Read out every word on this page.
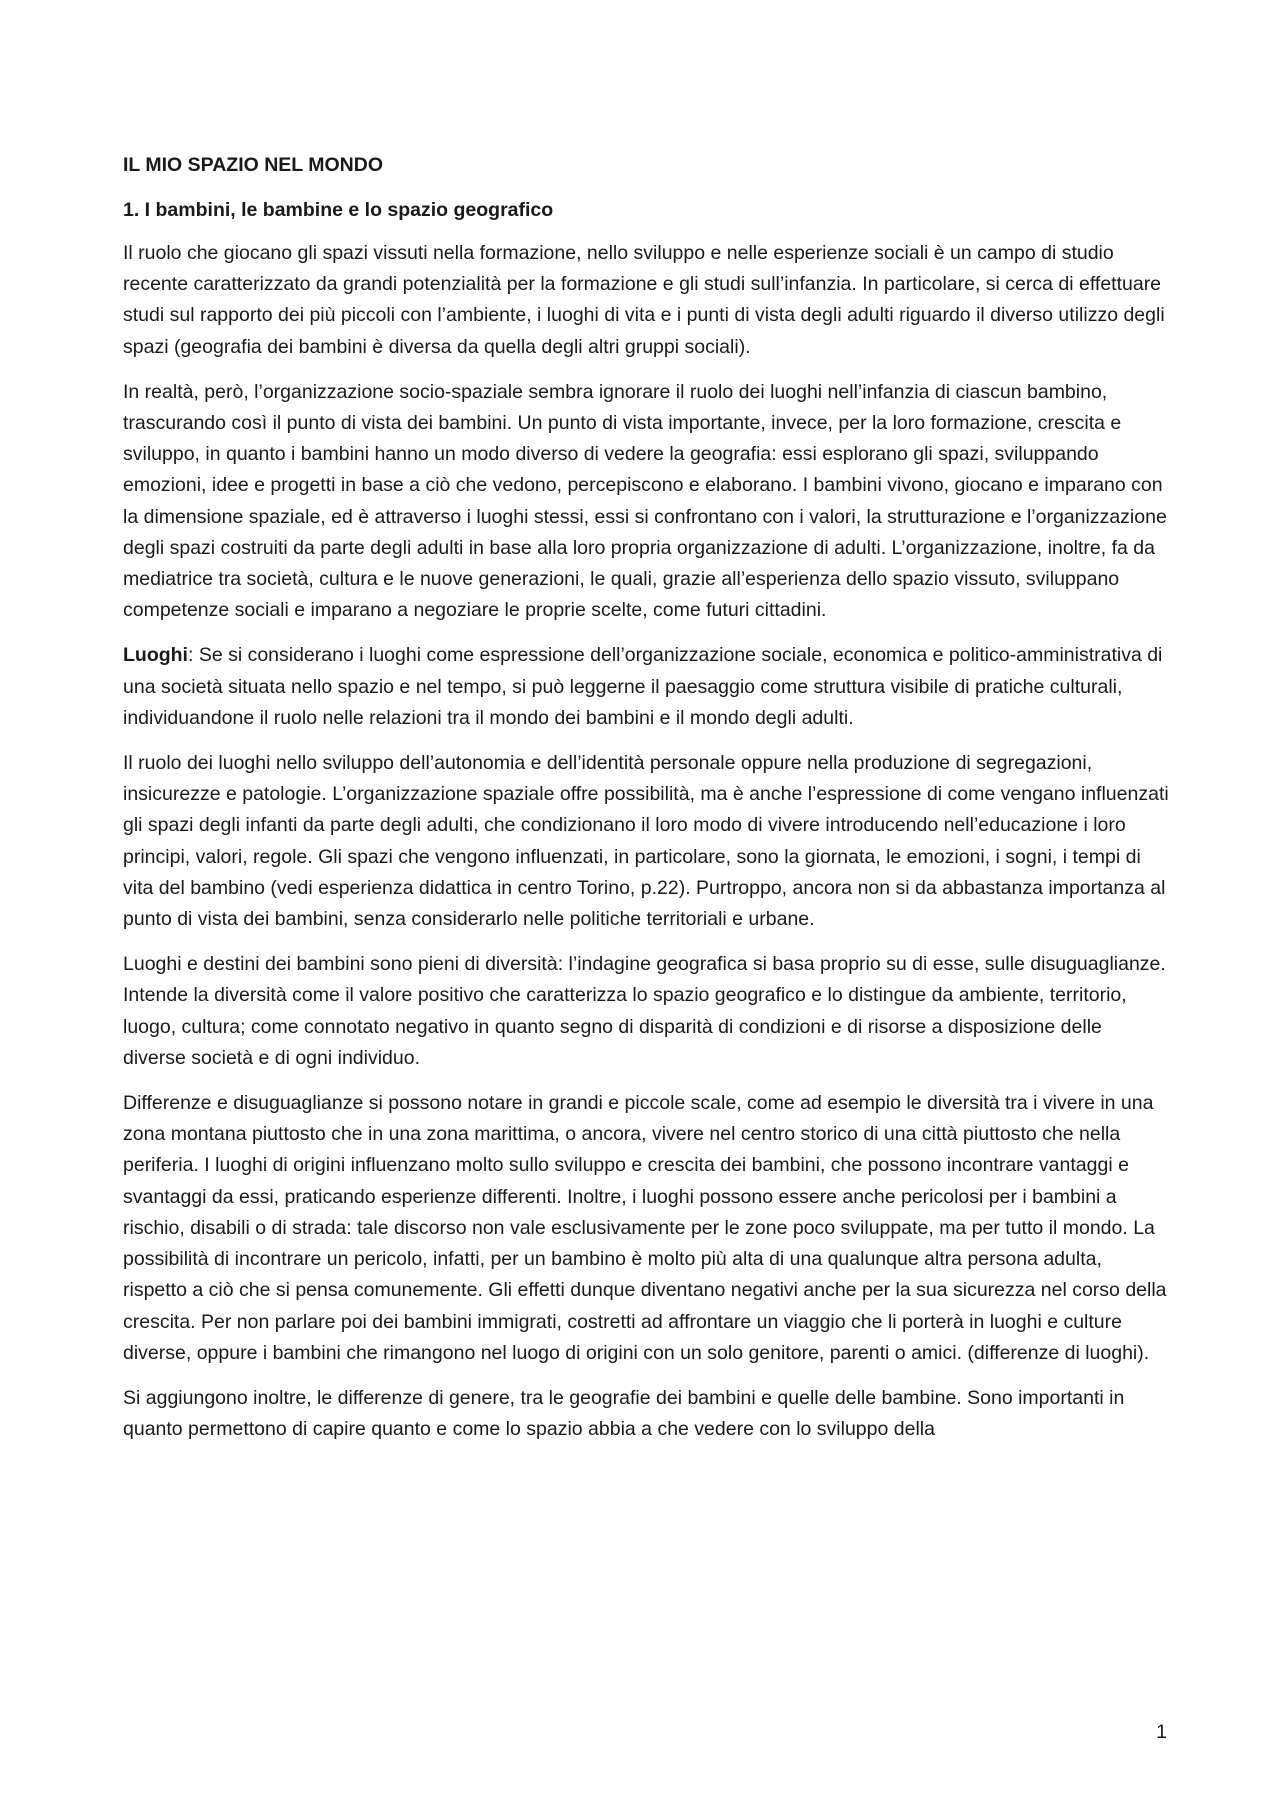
IL MIO SPAZIO NEL MONDO
1. I bambini, le bambine e lo spazio geografico

Il ruolo che giocano gli spazi vissuti nella formazione, nello sviluppo e nelle esperienze sociali è un campo di studio recente caratterizzato da grandi potenzialità per la formazione e gli studi sull’infanzia. In particolare, si cerca di effettuare studi sul rapporto dei più piccoli con l’ambiente, i luoghi di vita e i punti di vista degli adulti riguardo il diverso utilizzo degli spazi (geografia dei bambini è diversa da quella degli altri gruppi sociali).

In realtà, però, l’organizzazione socio-spaziale sembra ignorare il ruolo dei luoghi nell’infanzia di ciascun bambino, trascurando così il punto di vista dei bambini. Un punto di vista importante, invece, per la loro formazione, crescita e sviluppo, in quanto i bambini hanno un modo diverso di vedere la geografia: essi esplorano gli spazi, sviluppando emozioni, idee e progetti in base a ciò che vedono, percepiscono e elaborano. I bambini vivono, giocano e imparano con la dimensione spaziale, ed è attraverso i luoghi stessi, essi si confrontano con i valori, la strutturazione e l’organizzazione degli spazi costruiti da parte degli adulti in base alla loro propria organizzazione di adulti. L’organizzazione, inoltre, fa da mediatrice tra società, cultura e le nuove generazioni, le quali, grazie all’esperienza dello spazio vissuto, sviluppano competenze sociali e imparano a negoziare le proprie scelte, come futuri cittadini.

Luoghi: Se si considerano i luoghi come espressione dell’organizzazione sociale, economica e politico-amministrativa di una società situata nello spazio e nel tempo, si può leggerne il paesaggio come struttura visibile di pratiche culturali, individuandone il ruolo nelle relazioni tra il mondo dei bambini e il mondo degli adulti.

Il ruolo dei luoghi nello sviluppo dell’autonomia e dell’identità personale oppure nella produzione di segregazioni, insicurezze e patologie. L’organizzazione spaziale offre possibilità, ma è anche l’espressione di come vengano influenzati gli spazi degli infanti da parte degli adulti, che condizionano il loro modo di vivere introducendo nell’educazione i loro principi, valori, regole. Gli spazi che vengono influenzati, in particolare, sono la giornata, le emozioni, i sogni, i tempi di vita del bambino (vedi esperienza didattica in centro Torino, p.22). Purtroppo, ancora non si da abbastanza importanza al punto di vista dei bambini, senza considerarlo nelle politiche territoriali e urbane.

Luoghi e destini dei bambini sono pieni di diversità: l’indagine geografica si basa proprio su di esse, sulle disuguaglianze. Intende la diversità come il valore positivo che caratterizza lo spazio geografico e lo distingue da ambiente, territorio, luogo, cultura; come connotato negativo in quanto segno di disparità di condizioni e di risorse a disposizione delle diverse società e di ogni individuo.

Differenze e disuguaglianze si possono notare in grandi e piccole scale, come ad esempio le diversità tra i vivere in una zona montana piuttosto che in una zona marittima, o ancora, vivere nel centro storico di una città piuttosto che nella periferia. I luoghi di origini influenzano molto sullo sviluppo e crescita dei bambini, che possono incontrare vantaggi e svantaggi da essi, praticando esperienze differenti. Inoltre, i luoghi possono essere anche pericolosi per i bambini a rischio, disabili o di strada: tale discorso non vale esclusivamente per le zone poco sviluppate, ma per tutto il mondo. La possibilità di incontrare un pericolo, infatti, per un bambino è molto più alta di una qualunque altra persona adulta, rispetto a ciò che si pensa comunemente. Gli effetti dunque diventano negativi anche per la sua sicurezza nel corso della crescita. Per non parlare poi dei bambini immigrati, costretti ad affrontare un viaggio che li porterà in luoghi e culture diverse, oppure i bambini che rimangono nel luogo di origini con un solo genitore, parenti o amici. (differenze di luoghi).

Si aggiungono inoltre, le differenze di genere, tra le geografie dei bambini e quelle delle bambine. Sono importanti in quanto permettono di capire quanto e come lo spazio abbia a che vedere con lo sviluppo della

1
